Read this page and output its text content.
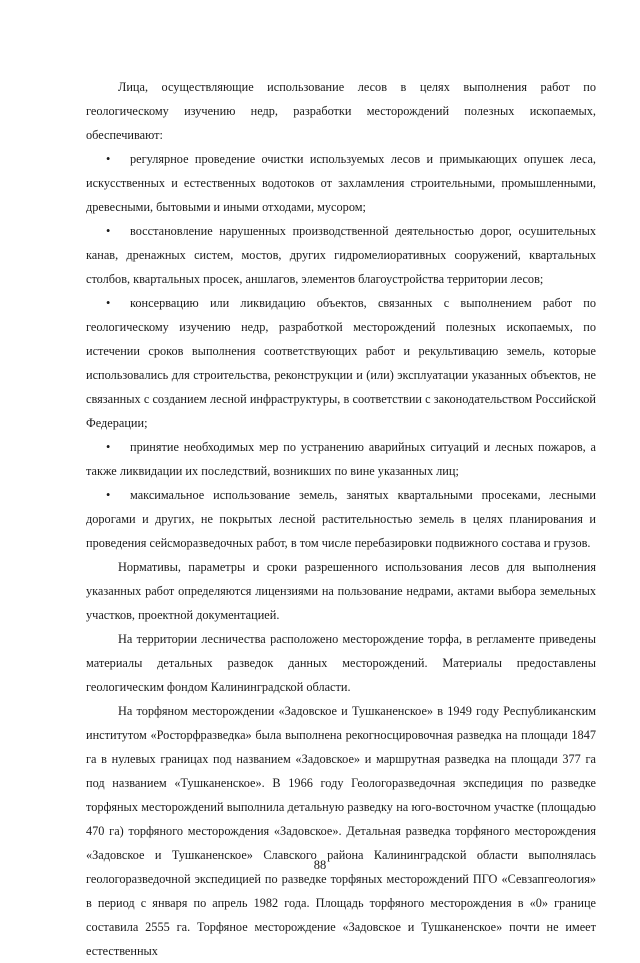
Лица, осуществляющие использование лесов в целях выполнения работ по геологическому изучению недр, разработки месторождений полезных ископаемых, обеспечивают:

• регулярное проведение очистки используемых лесов и примыкающих опушек леса, искусственных и естественных водотоков от захламления строительными, промышленными, древесными, бытовыми и иными отходами, мусором;

• восстановление нарушенных производственной деятельностью дорог, осушительных канав, дренажных систем, мостов, других гидромелиоративных сооружений, квартальных столбов, квартальных просек, аншлагов, элементов благоустройства территории лесов;

• консервацию или ликвидацию объектов, связанных с выполнением работ по геологическому изучению недр, разработкой месторождений полезных ископаемых, по истечении сроков выполнения соответствующих работ и рекультивацию земель, которые использовались для строительства, реконструкции и (или) эксплуатации указанных объектов, не связанных с созданием лесной инфраструктуры, в соответствии с законодательством Российской Федерации;

• принятие необходимых мер по устранению аварийных ситуаций и лесных пожаров, а также ликвидации их последствий, возникших по вине указанных лиц;

• максимальное использование земель, занятых квартальными просеками, лесными дорогами и других, не покрытых лесной растительностью земель в целях планирования и проведения сейсморазведочных работ, в том числе перебазировки подвижного состава и грузов.

Нормативы, параметры и сроки разрешенного использования лесов для выполнения указанных работ определяются лицензиями на пользование недрами, актами выбора земельных участков, проектной документацией.

На территории лесничества расположено месторождение торфа, в регламенте приведены материалы детальных разведок данных месторождений. Материалы предоставлены геологическим фондом Калининградской области.

На торфяном месторождении «Задовское и Тушканенское» в 1949 году Республиканским институтом «Росторфразведка» была выполнена рекогносцировочная разведка на площади 1847 га в нулевых границах под названием «Задовское» и маршрутная разведка на площади 377 га под названием «Тушканенское». В 1966 году Геологоразведочная экспедиция по разведке торфяных месторождений выполнила детальную разведку на юго-восточном участке (площадью 470 га) торфяного месторождения «Задовское». Детальная разведка торфяного месторождения «Задовское и Тушканенское» Славского района Калининградской области выполнялась геологоразведочной экспедицией по разведке торфяных месторождений ПГО «Севзапгеология» в период с января по апрель 1982 года. Площадь торфяного месторождения в «0» границе составила 2555 га. Торфяное месторождение «Задовское и Тушканенское» почти не имеет естественных

88
